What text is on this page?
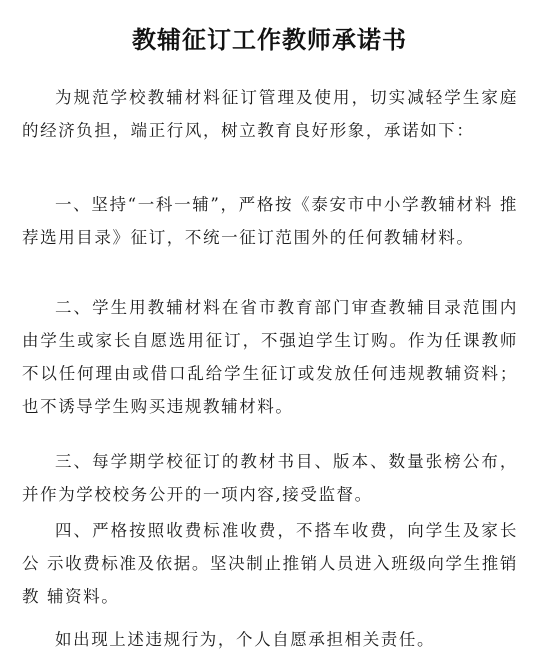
教辅征订工作教师承诺书

为规范学校教辅材料征订管理及使用，切实减轻学生家庭 的经济负担，端正行风，树立教育良好形象，承诺如下：

一、坚持“一科一辅”，严格按《泰安市中小学教辅材料 推荐选用目录》征订，不统一征订范围外的任何教辅材料。

二、学生用教辅材料在省市教育部门审查教辅目录范围内 由学生或家长自愿选用征订，不强迫学生订购。作为任课教师 不以任何理由或借口乱给学生征订或发放任何违规教辅资料； 也不诱导学生购买违规教辅材料。

三、每学期学校征订的教材书目、版本、数量张榜公布， 并作为学校校务公开的一项内容,接受监督。

四、严格按照收费标准收费，不搭车收费，向学生及家长公 示收费标准及依据。坚决制止推销人员进入班级向学生推销教 辅资料。

如出现上述违规行为，个人自愿承担相关责任。
